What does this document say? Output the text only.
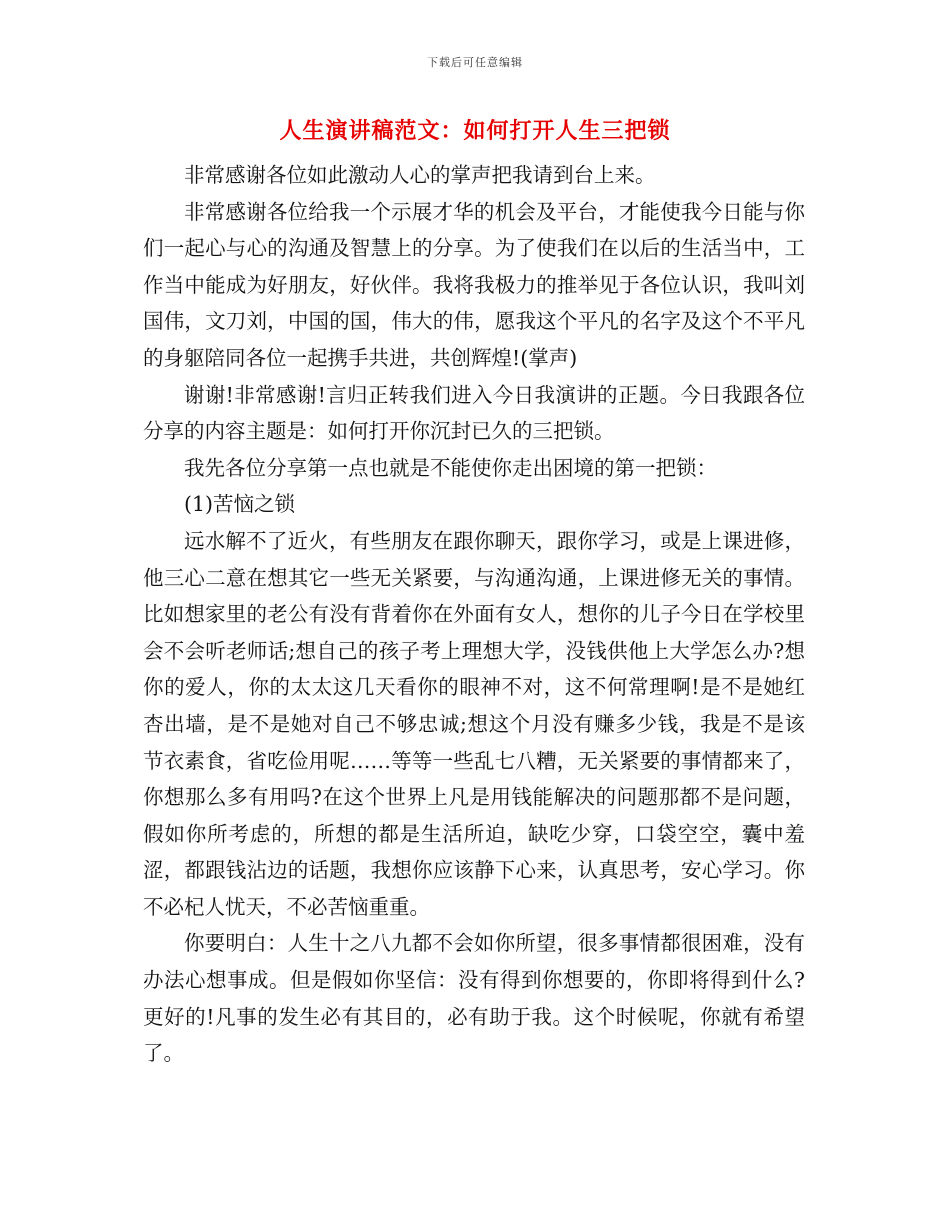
下载后可任意编辑
人生演讲稿范文：如何打开人生三把锁

非常感谢各位如此激动人心的掌声把我请到台上来。

非常感谢各位给我一个示展才华的机会及平台，才能使我今日能与你们一起心与心的沟通及智慧上的分享。为了使我们在以后的生活当中，工作当中能成为好朋友，好伙伴。我将我极力的推举见于各位认识，我叫刘国伟，文刀刘，中国的国，伟大的伟，愿我这个平凡的名字及这个不平凡的身躯陪同各位一起携手共进，共创辉煌!(掌声)

谢谢!非常感谢!言归正转我们进入今日我演讲的正题。今日我跟各位分享的内容主题是：如何打开你沉封已久的三把锁。

我先各位分享第一点也就是不能使你走出困境的第一把锁：

(1)苦恼之锁

远水解不了近火，有些朋友在跟你聊天，跟你学习，或是上课进修，他三心二意在想其它一些无关紧要，与沟通沟通，上课进修无关的事情。比如想家里的老公有没有背着你在外面有女人，想你的儿子今日在学校里会不会听老师话;想自己的孩子考上理想大学，没钱供他上大学怎么办?想你的爱人，你的太太这几天看你的眼神不对，这不何常理啊!是不是她红杏出墙，是不是她对自己不够忠诚;想这个月没有赚多少钱，我是不是该节衣素食，省吃俭用呢……等等一些乱七八糟，无关紧要的事情都来了，你想那么多有用吗?在这个世界上凡是用钱能解决的问题那都不是问题，假如你所考虑的，所想的都是生活所迫，缺吃少穿，口袋空空，囊中羞涩，都跟钱沾边的话题，我想你应该静下心来，认真思考，安心学习。你不必杞人忧天，不必苦恼重重。

你要明白：人生十之八九都不会如你所望，很多事情都很困难，没有办法心想事成。但是假如你坚信：没有得到你想要的，你即将得到什么?更好的!凡事的发生必有其目的，必有助于我。这个时候呢，你就有希望了。
